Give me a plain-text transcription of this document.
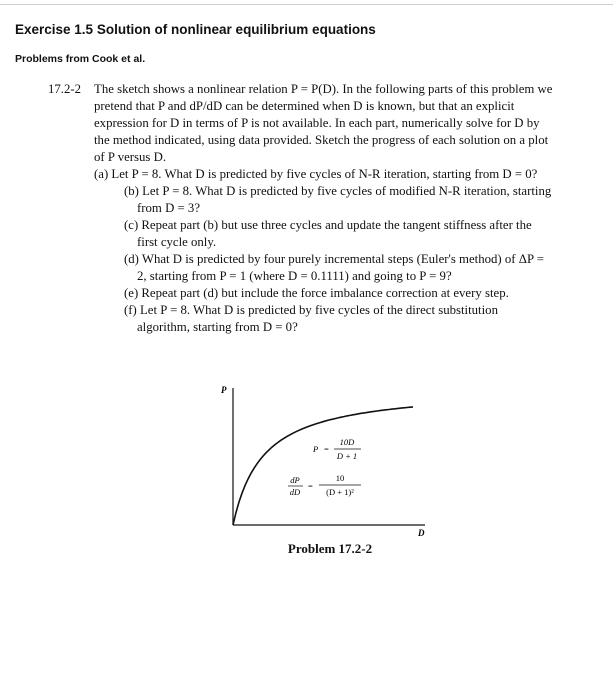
Exercise 1.5 Solution of nonlinear equilibrium equations
Problems from Cook et al.
17.2-2 The sketch shows a nonlinear relation P = P(D). In the following parts of this problem we pretend that P and dP/dD can be determined when D is known, but that an explicit expression for D in terms of P is not available. In each part, numerically solve for D by the method indicated, using data provided. Sketch the progress of each solution on a plot of P versus D.

(a) Let P = 8. What D is predicted by five cycles of N-R iteration, starting from D = 0?

(b) Let P = 8. What D is predicted by five cycles of modified N-R iteration, starting from D = 3?

(c) Repeat part (b) but use three cycles and update the tangent stiffness after the first cycle only.

(d) What D is predicted by four purely incremental steps (Euler's method) of ΔP = 2, starting from P = 1 (where D = 0.1111) and going to P = 9?

(e) Repeat part (d) but include the force imbalance correction at every step.

(f) Let P = 8. What D is predicted by five cycles of the direct substitution algorithm, starting from D = 0?

P
D
P =
10D
D + 1
dP
dD
=
10
(D + 1)²
Problem 17.2-2
